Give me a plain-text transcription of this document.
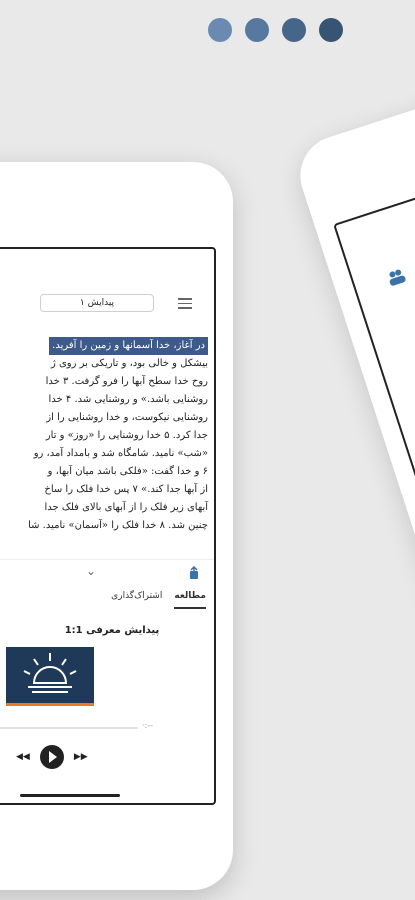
پیدایش ۱
در آغاز، خدا آسمانها و زمین را آفرید.
بیشکل و خالی بود، و تاریکی بر روی ژ
روح خدا سطح آبها را فرو گرفت. ۳ خدا
روشنایی باشد.» و روشنایی شد. ۴ خدا
روشنایی نیکوست، و خدا روشنایی را از
جدا کرد. ۵ خدا روشنایی را «روز» و تار
«شب» نامید. شامگاه شد و بامداد آمد، رو
۶ و خدا گفت: «فلکی باشد میان آبها، و
از آبها جدا کند.» ۷ پس خدا فلک را ساخ
آبهای زیر فلک را از آبهای بالای فلک جدا
چنین شد. ۸ خدا فلک را «آسمان» نامید. شا
⌄
مطالعه
اشتراک‌گذاری
پیدایش معرفی 1:1
·:--
◀◀	▶▶
